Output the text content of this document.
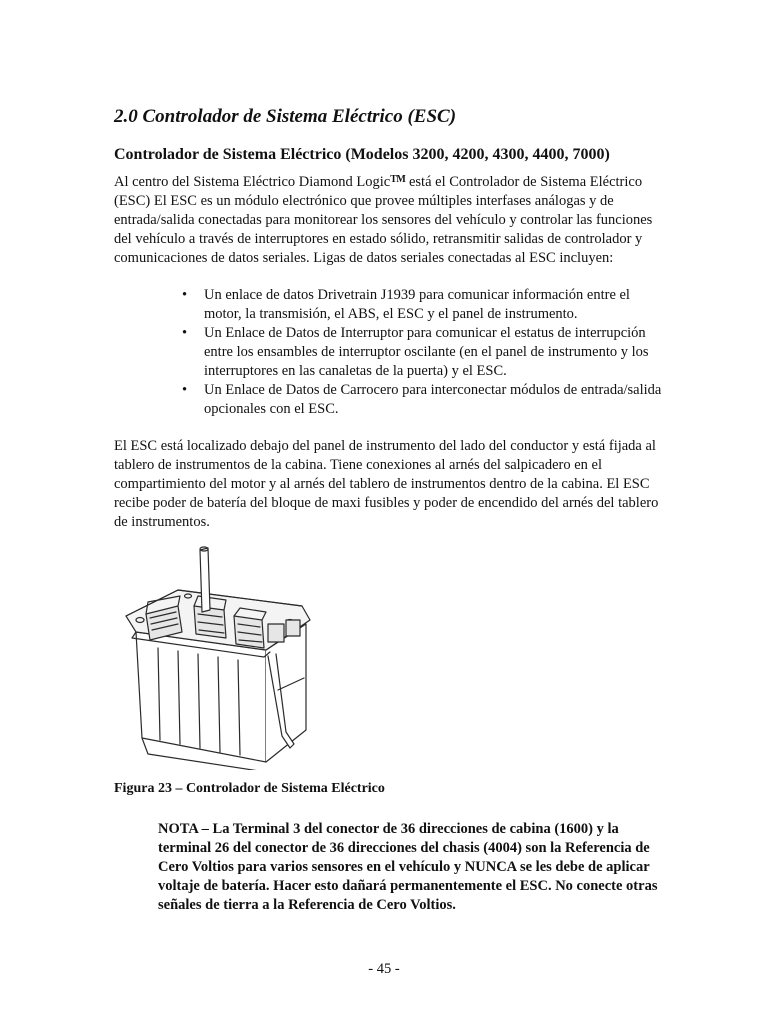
2.0 Controlador de Sistema Eléctrico (ESC)
Controlador de Sistema Eléctrico (Modelos 3200, 4200, 4300, 4400, 7000)

Al centro del Sistema Eléctrico Diamond Logic™ está el Controlador de Sistema Eléctrico (ESC) El ESC es un módulo electrónico que provee múltiples interfases análogas y de entrada/salida conectadas para monitorear los sensores del vehículo y controlar las funciones del vehículo a través de interruptores en estado sólido, retransmitir salidas de controlador y comunicaciones de datos seriales. Ligas de datos seriales conectadas al ESC incluyen:

• Un enlace de datos Drivetrain J1939 para comunicar información entre el motor, la transmisión, el ABS, el ESC y el panel de instrumento.
• Un Enlace de Datos de Interruptor para comunicar el estatus de interrupción entre los ensambles de interruptor oscilante (en el panel de instrumento y los interruptores en las canaletas de la puerta) y el ESC.
• Un Enlace de Datos de Carrocero para interconectar módulos de entrada/salida opcionales con el ESC.

El ESC está localizado debajo del panel de instrumento del lado del conductor y está fijada al tablero de instrumentos de la cabina. Tiene conexiones al arnés del salpicadero en el compartimiento del motor y al arnés del tablero de instrumentos dentro de la cabina. El ESC recibe poder de batería del bloque de maxi fusibles y poder de encendido del arnés del tablero de instrumentos.

Figura 23 – Controlador de Sistema Eléctrico

NOTA – La Terminal 3 del conector de 36 direcciones de cabina (1600) y la terminal 26 del conector de 36 direcciones del chasis (4004) son la Referencia de Cero Voltios para varios sensores en el vehículo y NUNCA se les debe de aplicar voltaje de batería. Hacer esto dañará permanentemente el ESC. No conecte otras señales de tierra a la Referencia de Cero Voltios.

- 45 -
